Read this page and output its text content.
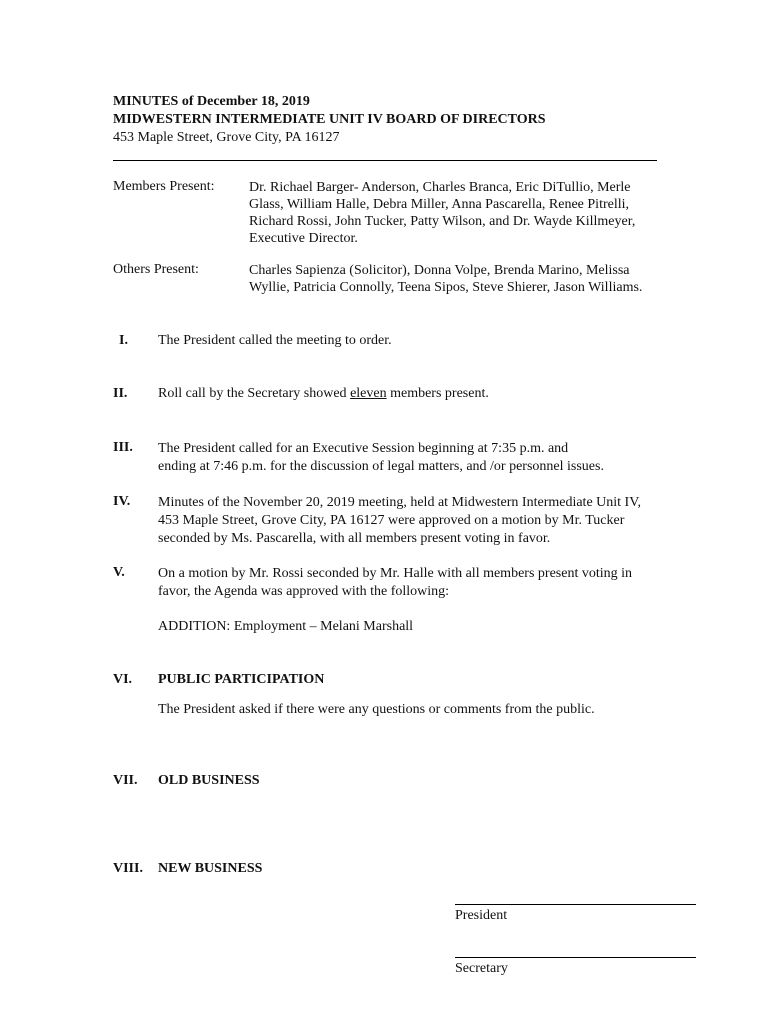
MINUTES of December 18, 2019
MIDWESTERN INTERMEDIATE UNIT IV BOARD OF DIRECTORS
453 Maple Street, Grove City, PA 16127
Members Present: Dr. Richael Barger- Anderson, Charles Branca, Eric DiTullio, Merle
Glass, William Halle, Debra Miller, Anna Pascarella, Renee Pitrelli,
Richard Rossi, John Tucker, Patty Wilson, and Dr. Wayde Killmeyer,
Executive Director.
Others Present:	Charles Sapienza (Solicitor), Donna Volpe, Brenda Marino, Melissa
Wyllie, Patricia Connolly, Teena Sipos, Steve Shierer, Jason Williams.
I. The President called the meeting to order.
II. Roll call by the Secretary showed eleven members present.
III. The President called for an Executive Session beginning at 7:35 p.m. and
ending at 7:46 p.m. for the discussion of legal matters, and /or personnel issues.
IV. Minutes of the November 20, 2019 meeting, held at Midwestern Intermediate Unit IV,
453 Maple Street, Grove City, PA 16127 were approved on a motion by Mr. Tucker
seconded by Ms. Pascarella, with all members present voting in favor.
V. On a motion by Mr. Rossi seconded by Mr. Halle with all members present voting in
favor, the Agenda was approved with the following:
ADDITION: Employment – Melani Marshall
VI. PUBLIC PARTICIPATION
The President asked if there were any questions or comments from the public.
VII. OLD BUSINESS
VIII. NEW BUSINESS
President
Secretary
